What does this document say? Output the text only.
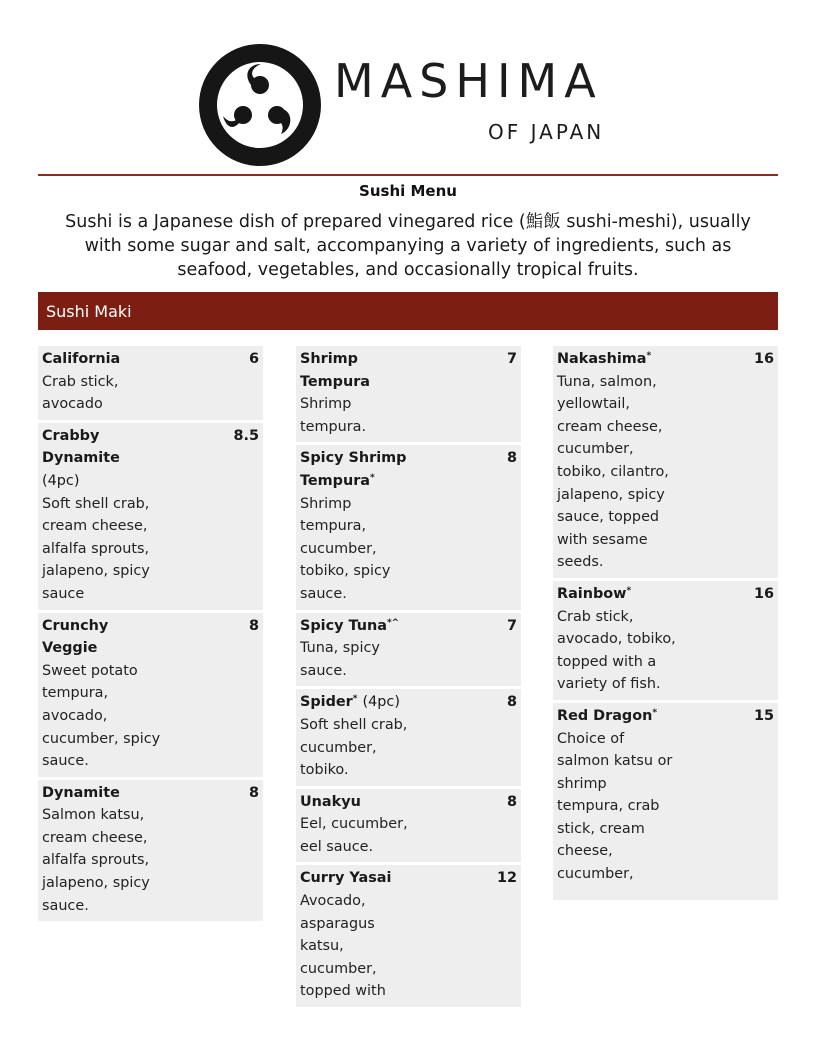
MASHIMA
OF JAPAN
Sushi Menu
Sushi is a Japanese dish of prepared vinegared rice (鮨飯 sushi-meshi), usually with some sugar and salt, accompanying a variety of ingredients, such as seafood, vegetables, and occasionally tropical fruits.
Sushi Maki
California	6
Crab stick, avocado
Crabby Dynamite (4pc)
8.5
Soft shell crab, cream cheese, alfalfa sprouts, jalapeno, spicy sauce
Crunchy Veggie
8
Sweet potato tempura, avocado, cucumber, spicy sauce.
Dynamite	8
Salmon katsu, cream cheese, alfalfa sprouts, jalapeno, spicy sauce.
Shrimp Tempura
7
Shrimp tempura.
Spicy Shrimp Tempura*
8
Shrimp tempura, cucumber, tobiko, spicy sauce.
Spicy Tuna*^	7
Tuna, spicy sauce.
Spider* (4pc)	8
Soft shell crab, cucumber, tobiko.
Unakyu	8
Eel, cucumber, eel sauce.
Curry Yasai	12
Avocado, asparagus katsu, cucumber, topped with
Nakashima*	16
Tuna, salmon, yellowtail, cream cheese, cucumber, tobiko, cilantro, jalapeno, spicy sauce, topped with sesame seeds.
Rainbow*	16
Crab stick, avocado, tobiko, topped with a variety of fish.
Red Dragon*	15
Choice of salmon katsu or shrimp tempura, crab stick, cream cheese, cucumber,
